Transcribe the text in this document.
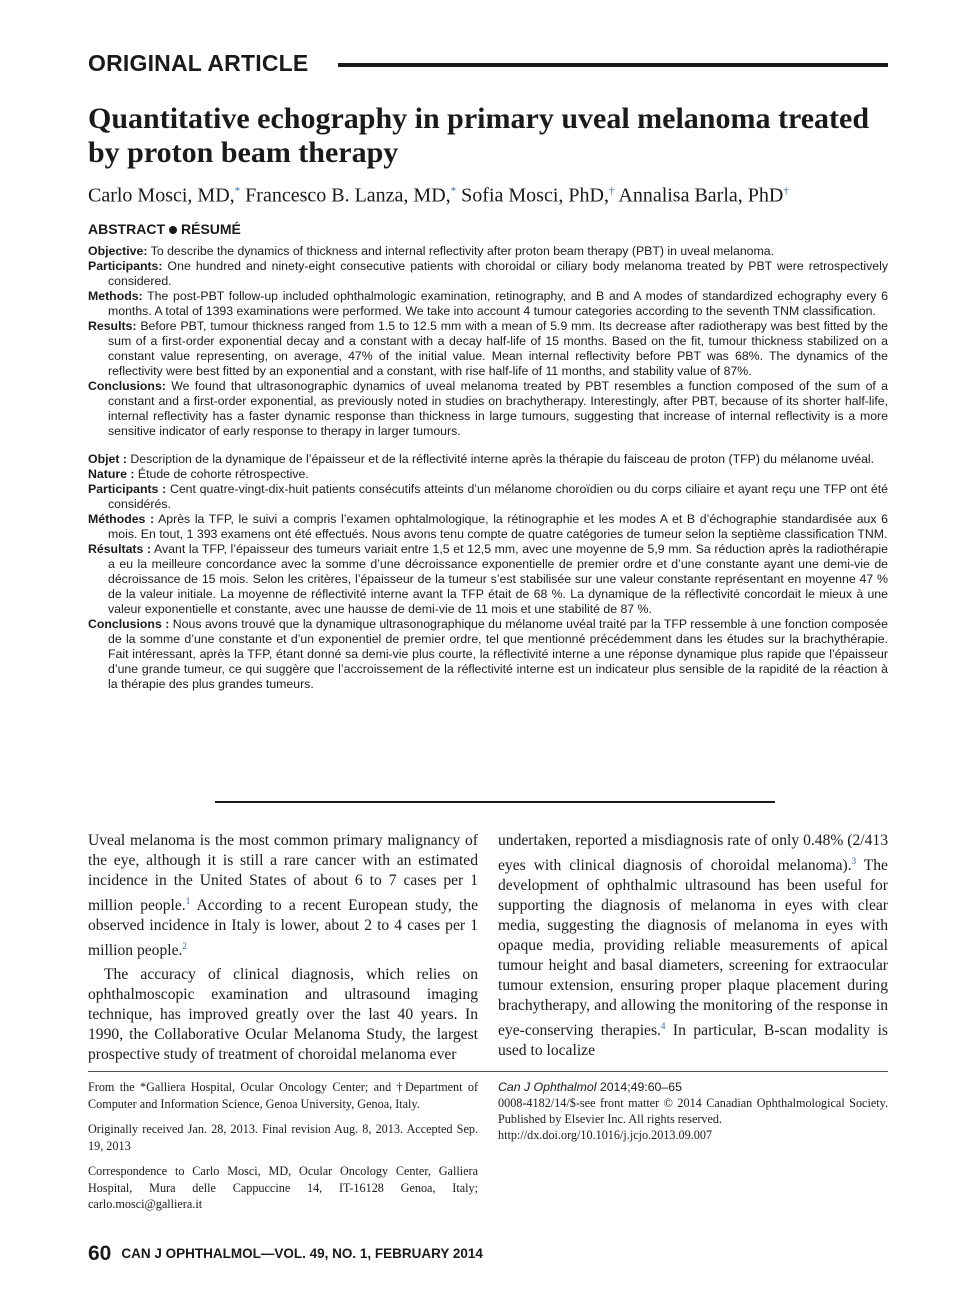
ORIGINAL ARTICLE
Quantitative echography in primary uveal melanoma treated by proton beam therapy
Carlo Mosci, MD,* Francesco B. Lanza, MD,* Sofia Mosci, PhD,† Annalisa Barla, PhD†
ABSTRACT RÉSUMÉ
Objective: To describe the dynamics of thickness and internal reflectivity after proton beam therapy (PBT) in uveal melanoma.
Participants: One hundred and ninety-eight consecutive patients with choroidal or ciliary body melanoma treated by PBT were retrospectively considered.
Methods: The post-PBT follow-up included ophthalmologic examination, retinography, and B and A modes of standardized echography every 6 months. A total of 1393 examinations were performed. We take into account 4 tumour categories according to the seventh TNM classification.
Results: Before PBT, tumour thickness ranged from 1.5 to 12.5 mm with a mean of 5.9 mm. Its decrease after radiotherapy was best fitted by the sum of a first-order exponential decay and a constant with a decay half-life of 15 months. Based on the fit, tumour thickness stabilized on a constant value representing, on average, 47% of the initial value. Mean internal reflectivity before PBT was 68%. The dynamics of the reflectivity were best fitted by an exponential and a constant, with rise half-life of 11 months, and stability value of 87%.
Conclusions: We found that ultrasonographic dynamics of uveal melanoma treated by PBT resembles a function composed of the sum of a constant and a first-order exponential, as previously noted in studies on brachytherapy. Interestingly, after PBT, because of its shorter half-life, internal reflectivity has a faster dynamic response than thickness in large tumours, suggesting that increase of internal reflectivity is a more sensitive indicator of early response to therapy in larger tumours.
Objet : Description de la dynamique de l’épaisseur et de la réflectivité interne après la thérapie du faisceau de proton (TFP) du mélanome uvéal.
Nature : Étude de cohorte rétrospective.
Participants : Cent quatre-vingt-dix-huit patients consécutifs atteints d’un mélanome choroïdien ou du corps ciliaire et ayant reçu une TFP ont été considérés.
Méthodes : Après la TFP, le suivi a compris l’examen ophtalmologique, la rétinographie et les modes A et B d’échographie standardisée aux 6 mois. En tout, 1 393 examens ont été effectués. Nous avons tenu compte de quatre catégories de tumeur selon la septième classification TNM.
Résultats : Avant la TFP, l’épaisseur des tumeurs variait entre 1,5 et 12,5 mm, avec une moyenne de 5,9 mm. Sa réduction après la radiothérapie a eu la meilleure concordance avec la somme d’une décroissance exponentielle de premier ordre et d’une constante ayant une demi-vie de décroissance de 15 mois. Selon les critères, l’épaisseur de la tumeur s’est stabilisée sur une valeur constante représentant en moyenne 47 % de la valeur initiale. La moyenne de réflectivité interne avant la TFP était de 68 %. La dynamique de la réflectivité concordait le mieux à une valeur exponentielle et constante, avec une hausse de demi-vie de 11 mois et une stabilité de 87 %.
Conclusions : Nous avons trouvé que la dynamique ultrasonographique du mélanome uvéal traité par la TFP ressemble à une fonction composée de la somme d’une constante et d’un exponentiel de premier ordre, tel que mentionné précédemment dans les études sur la brachythérapie. Fait intéressant, après la TFP, étant donné sa demi-vie plus courte, la réflectivité interne a une réponse dynamique plus rapide que l’épaisseur d’une grande tumeur, ce qui suggère que l’accroissement de la réflectivité interne est un indicateur plus sensible de la rapidité de la réaction à la thérapie des plus grandes tumeurs.

Uveal melanoma is the most common primary malignancy of the eye, although it is still a rare cancer with an estimated incidence in the United States of about 6 to 7 cases per 1 million people.$^1$ According to a recent European study, the observed incidence in Italy is lower, about 2 to 4 cases per 1 million people.$^2$

The accuracy of clinical diagnosis, which relies on ophthalmoscopic examination and ultrasound imaging technique, has improved greatly over the last 40 years. In 1990, the Collaborative Ocular Melanoma Study, the largest prospective study of treatment of choroidal melanoma ever

undertaken, reported a misdiagnosis rate of only 0.48% (2/413 eyes with clinical diagnosis of choroidal melanoma).$^3$ The development of ophthalmic ultrasound has been useful for supporting the diagnosis of melanoma in eyes with clear media, suggesting the diagnosis of melanoma in eyes with opaque media, providing reliable measurements of apical tumour height and basal diameters, screening for extraocular tumour extension, ensuring proper plaque placement during brachytherapy, and allowing the monitoring of the response in eye-conserving therapies.$^4$ In particular, B-scan modality is used to localize

From the *Galliera Hospital, Ocular Oncology Center; and †Department of Computer and Information Science, Genoa University, Genoa, Italy.

Originally received Jan. 28, 2013. Final revision Aug. 8, 2013. Accepted Sep. 19, 2013

Correspondence to Carlo Mosci, MD, Ocular Oncology Center, Galliera Hospital, Mura delle Cappuccine 14, IT-16128 Genoa, Italy; carlo.mosci@galliera.it

Can J Ophthalmol 2014;49:60–65

0008-4182/14/$-see front matter © 2014 Canadian Ophthalmological Society. Published by Elsevier Inc. All rights reserved.

http://dx.doi.org/10.1016/j.jcjo.2013.09.007

60 CAN J OPHTHALMOL—VOL. 49, NO. 1, FEBRUARY 2014
